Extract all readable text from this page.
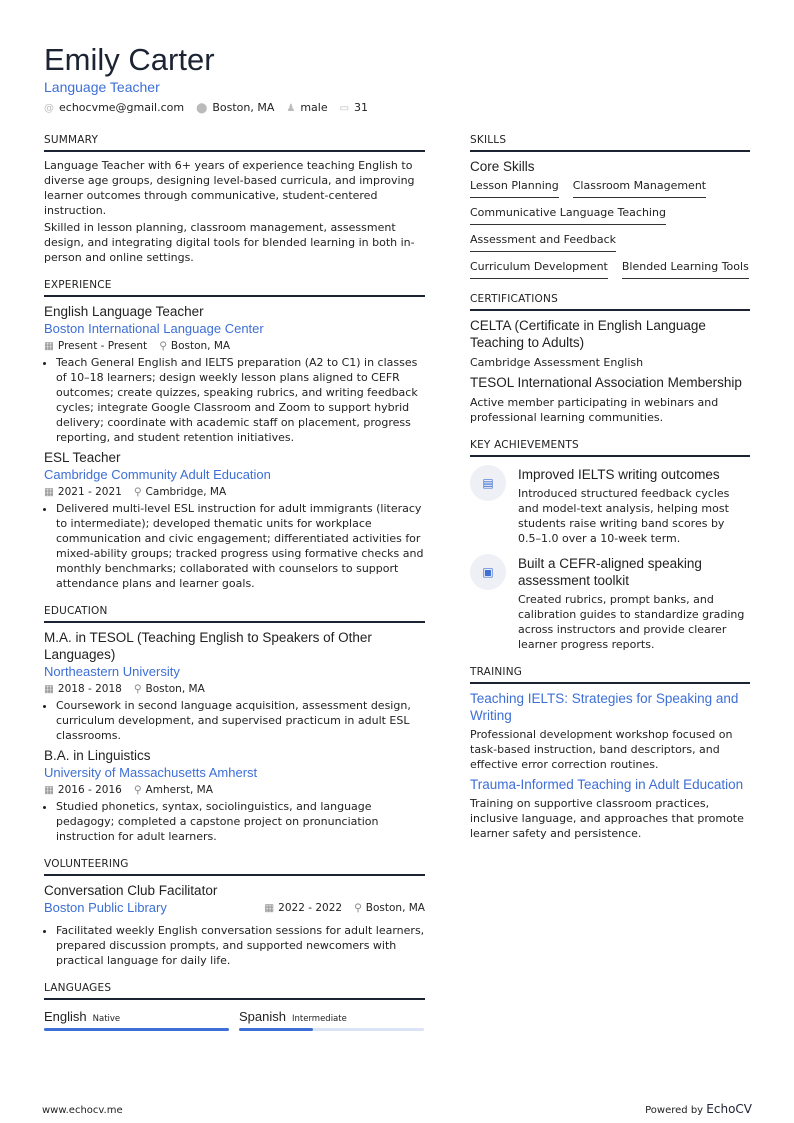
Emily Carter
Language Teacher
@ echocvme@gmail.com ⬤ Boston, MA ♟ male ▭ 31
SUMMARY

Language Teacher with 6+ years of experience teaching English to diverse age groups, designing level-based curricula, and improving learner outcomes through communicative, student-centered instruction.

Skilled in lesson planning, classroom management, assessment design, and integrating digital tools for blended learning in both in-person and online settings.

EXPERIENCE
English Language Teacher
Boston International Language Center
▦ Present - Present ⚲ Boston, MA
• Teach General English and IELTS preparation (A2 to C1) in classes of 10–18 learners; design weekly lesson plans aligned to CEFR outcomes; create quizzes, speaking rubrics, and writing feedback cycles; integrate Google Classroom and Zoom to support hybrid delivery; coordinate with academic staff on placement, progress reporting, and student retention initiatives.
ESL Teacher
Cambridge Community Adult Education
▦ 2021 - 2021 ⚲ Cambridge, MA
• Delivered multi-level ESL instruction for adult immigrants (literacy to intermediate); developed thematic units for workplace communication and civic engagement; differentiated activities for mixed-ability groups; tracked progress using formative checks and monthly benchmarks; collaborated with counselors to support attendance plans and learner goals.
EDUCATION
M.A. in TESOL (Teaching English to Speakers of Other Languages)
Northeastern University
▦ 2018 - 2018 ⚲ Boston, MA
• Coursework in second language acquisition, assessment design, curriculum development, and supervised practicum in adult ESL classrooms.
B.A. in Linguistics
University of Massachusetts Amherst
▦ 2016 - 2016 ⚲ Amherst, MA
• Studied phonetics, syntax, sociolinguistics, and language pedagogy; completed a capstone project on pronunciation instruction for adult learners.
VOLUNTEERING
Conversation Club Facilitator
Boston Public Library	▦ 2022 - 2022 ⚲ Boston, MA
• Facilitated weekly English conversation sessions for adult learners, prepared discussion prompts, and supported newcomers with practical language for daily life.
LANGUAGES
English Native	Spanish Intermediate
SKILLS
Core Skills
Lesson Planning Classroom Management
Communicative Language Teaching
Assessment and Feedback
Curriculum Development Blended Learning Tools
CERTIFICATIONS
CELTA (Certificate in English Language Teaching to Adults)

Cambridge Assessment English

TESOL International Association Membership

Active member participating in webinars and professional learning communities.

KEY ACHIEVEMENTS
▤
Improved IELTS writing outcomes

Introduced structured feedback cycles and model-text analysis, helping most students raise writing band scores by 0.5–1.0 over a 10-week term.

▣
Built a CEFR-aligned speaking assessment toolkit

Created rubrics, prompt banks, and calibration guides to standardize grading across instructors and provide clearer learner progress reports.

TRAINING
Teaching IELTS: Strategies for Speaking and Writing

Professional development workshop focused on task-based instruction, band descriptors, and effective error correction routines.

Trauma-Informed Teaching in Adult Education

Training on supportive classroom practices, inclusive language, and approaches that promote learner safety and persistence.

www.echocv.me	Powered by EchoCV
